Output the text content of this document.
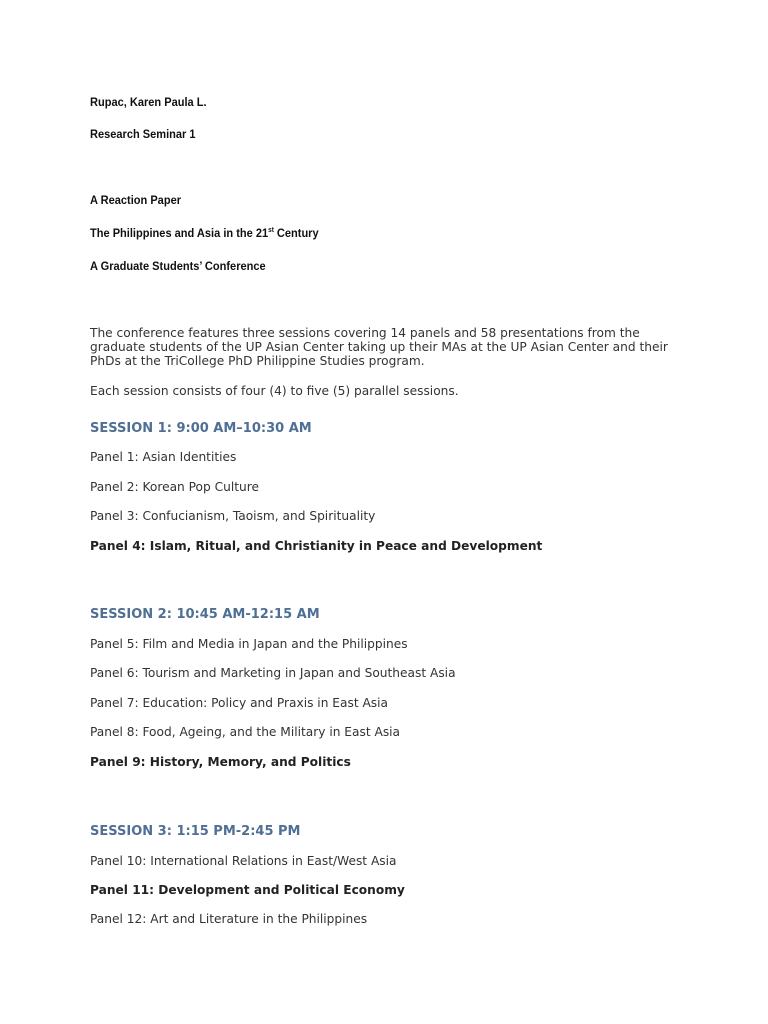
Rupac, Karen Paula L.
Research Seminar 1
A Reaction Paper
The Philippines and Asia in the 21st Century
A Graduate Students’ Conference
The conference features three sessions covering 14 panels and 58 presentations from the graduate students of the UP Asian Center taking up their MAs at the UP Asian Center and their PhDs at the TriCollege PhD Philippine Studies program.
Each session consists of four (4) to five (5) parallel sessions.
SESSION 1: 9:00 AM–10:30 AM
Panel 1: Asian Identities
Panel 2: Korean Pop Culture
Panel 3: Confucianism, Taoism, and Spirituality
Panel 4: Islam, Ritual, and Christianity in Peace and Development
SESSION 2: 10:45 AM-12:15 AM
Panel 5: Film and Media in Japan and the Philippines
Panel 6: Tourism and Marketing in Japan and Southeast Asia
Panel 7: Education: Policy and Praxis in East Asia
Panel 8: Food, Ageing, and the Military in East Asia
Panel 9: History, Memory, and Politics
SESSION 3: 1:15 PM-2:45 PM
Panel 10: International Relations in East/West Asia
Panel 11: Development and Political Economy
Panel 12: Art and Literature in the Philippines
